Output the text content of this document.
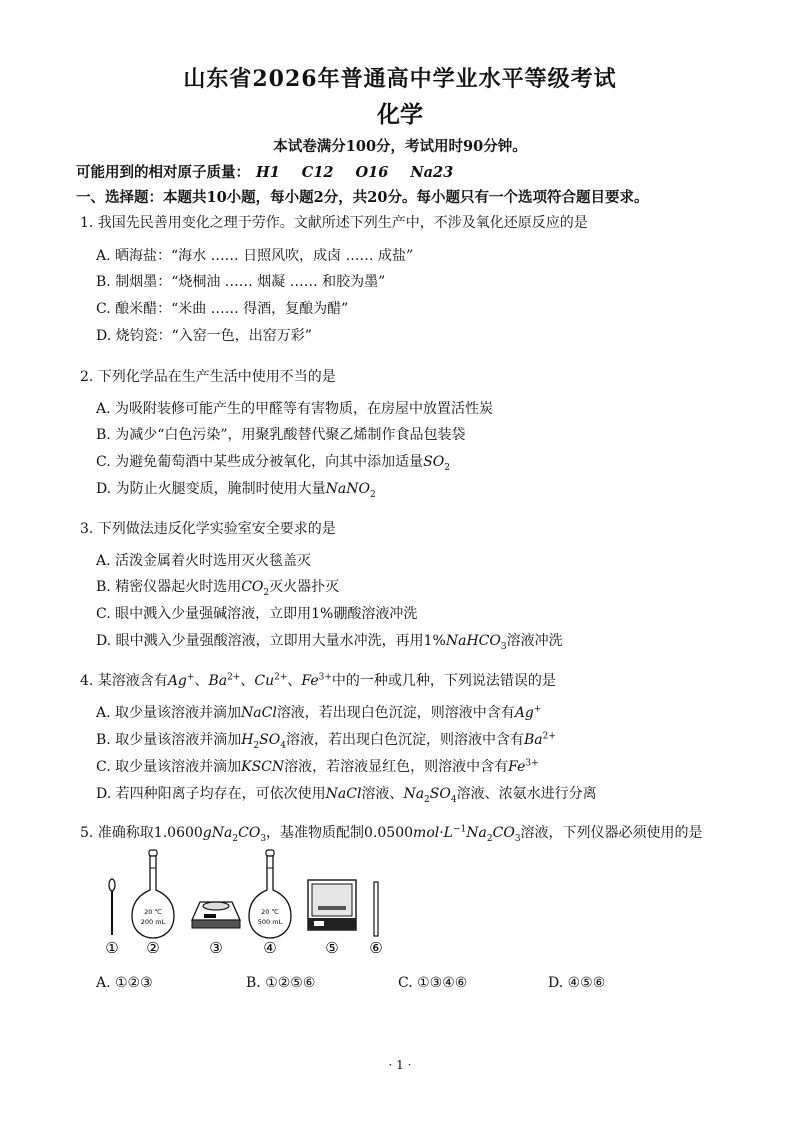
山东省2026年普通高中学业水平等级考试
化学
本试卷满分100分，考试用时90分钟。
可能用到的相对原子质量： H1 C12 O16 Na23
一、选择题：本题共10小题，每小题2分，共20分。每小题只有一个选项符合题目要求。
1. 我国先民善用变化之理于劳作。文献所述下列生产中，不涉及氧化还原反应的是
A. 晒海盐：“海水 …… 日照风吹，成卤 …… 成盐”
B. 制烟墨：“烧桐油 …… 烟凝 …… 和胶为墨”
C. 酿米醋：“米曲 …… 得酒，复酿为醋”
D. 烧钧瓷：“入窑一色，出窑万彩”
2. 下列化学品在生产生活中使用不当的是
A. 为吸附装修可能产生的甲醛等有害物质，在房屋中放置活性炭
B. 为减少“白色污染”，用聚乳酸替代聚乙烯制作食品包装袋
C. 为避免葡萄酒中某些成分被氧化，向其中添加适量$SO_2$
D. 为防止火腿变质，腌制时使用大量NaNO$_2$
3. 下列做法违反化学实验室安全要求的是
A. 活泼金属着火时选用灭火毯盖灭
B. 精密仪器起火时选用$CO_2$灭火器扑灭
C. 眼中溅入少量强碱溶液，立即用1%硼酸溶液冲洗
D. 眼中溅入少量强酸溶液，立即用大量水冲洗，再用1%NaHCO$_3$溶液冲洗
4. 某溶液含有Ag+、$Ba^{2+}$、$Cu^{2+}$、$Fe^{3+}$中的一种或几种，下列说法错误的是
A. 取少量该溶液并滴加NaCl溶液，若出现白色沉淀，则溶液中含有Ag+
B. 取少量该溶液并滴加$H_2SO_4$溶液，若出现白色沉淀，则溶液中含有$Ba^{2+}$
C. 取少量该溶液并滴加KSCN溶液，若溶液显红色，则溶液中含有$Fe^{3+}$
D. 若四种阳离子均存在，可依次使用NaCl溶液、$Na_2SO_4$溶液、浓氨水进行分离
5. 准确称取$1.0600gNa_2CO_3$，基准物质配制$0.0500mol\cdot L^{-1}Na_2CO_3$溶液，下列仪器必须使用的是
①
20 ℃
200 mL
②	③
20 ℃
500 mL
④	⑤ ⑥
A. ①②③	B. ①②⑤⑥	C. ①③④⑥	D. ④⑤⑥
· 1 ·
